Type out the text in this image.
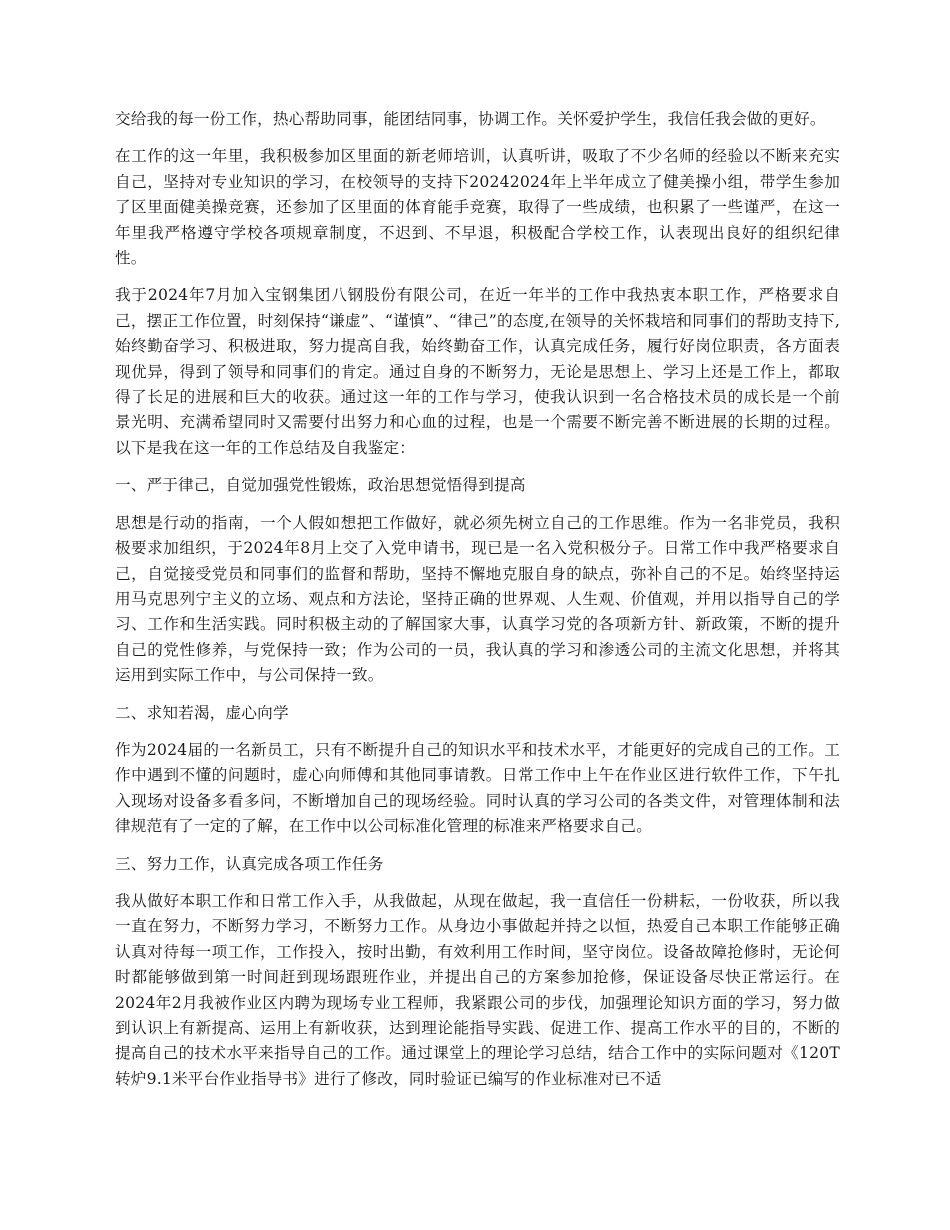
交给我的每一份工作，热心帮助同事，能团结同事，协调工作。关怀爱护学生，我信任我会做的更好。

在工作的这一年里，我积极参加区里面的新老师培训，认真听讲，吸取了不少名师的经验以不断来充实自己，坚持对专业知识的学习，在校领导的支持下20242024年上半年成立了健美操小组，带学生参加了区里面健美操竞赛，还参加了区里面的体育能手竞赛，取得了一些成绩，也积累了一些谨严，在这一年里我严格遵守学校各项规章制度，不迟到、不早退，积极配合学校工作，认表现出良好的组织纪律性。

我于2024年7月加入宝钢集团八钢股份有限公司，在近一年半的工作中我热衷本职工作，严格要求自己，摆正工作位置，时刻保持“谦虚”、“谨慎”、“律己”的态度,在领导的关怀栽培和同事们的帮助支持下,始终勤奋学习、积极进取，努力提高自我，始终勤奋工作，认真完成任务，履行好岗位职责，各方面表现优异，得到了领导和同事们的肯定。通过自身的不断努力，无论是思想上、学习上还是工作上，都取得了长足的进展和巨大的收获。通过这一年的工作与学习，使我认识到一名合格技术员的成长是一个前景光明、充满希望同时又需要付出努力和心血的过程，也是一个需要不断完善不断进展的长期的过程。以下是我在这一年的工作总结及自我鉴定：

一、严于律己，自觉加强党性锻炼，政治思想觉悟得到提高

思想是行动的指南，一个人假如想把工作做好，就必须先树立自己的工作思维。作为一名非党员，我积极要求加组织，于2024年8月上交了入党申请书，现已是一名入党积极分子。日常工作中我严格要求自己，自觉接受党员和同事们的监督和帮助，坚持不懈地克服自身的缺点，弥补自己的不足。始终坚持运用马克思列宁主义的立场、观点和方法论，坚持正确的世界观、人生观、价值观，并用以指导自己的学习、工作和生活实践。同时积极主动的了解国家大事，认真学习党的各项新方针、新政策，不断的提升自己的党性修养，与党保持一致；作为公司的一员，我认真的学习和渗透公司的主流文化思想，并将其运用到实际工作中，与公司保持一致。

二、求知若渴，虚心向学

作为2024届的一名新员工，只有不断提升自己的知识水平和技术水平，才能更好的完成自己的工作。工作中遇到不懂的问题时，虚心向师傅和其他同事请教。日常工作中上午在作业区进行软件工作，下午扎入现场对设备多看多问，不断增加自己的现场经验。同时认真的学习公司的各类文件，对管理体制和法律规范有了一定的了解，在工作中以公司标准化管理的标准来严格要求自己。

三、努力工作，认真完成各项工作任务

我从做好本职工作和日常工作入手，从我做起，从现在做起，我一直信任一份耕耘，一份收获，所以我一直在努力，不断努力学习，不断努力工作。从身边小事做起并持之以恒，热爱自己本职工作能够正确认真对待每一项工作，工作投入，按时出勤，有效利用工作时间，坚守岗位。设备故障抢修时，无论何时都能够做到第一时间赶到现场跟班作业，并提出自己的方案参加抢修，保证设备尽快正常运行。在2024年2月我被作业区内聘为现场专业工程师，我紧跟公司的步伐，加强理论知识方面的学习，努力做到认识上有新提高、运用上有新收获，达到理论能指导实践、促进工作、提高工作水平的目的，不断的提高自己的技术水平来指导自己的工作。通过课堂上的理论学习总结，结合工作中的实际问题对《120T转炉9.1米平台作业指导书》进行了修改，同时验证已编写的作业标准对已不适
